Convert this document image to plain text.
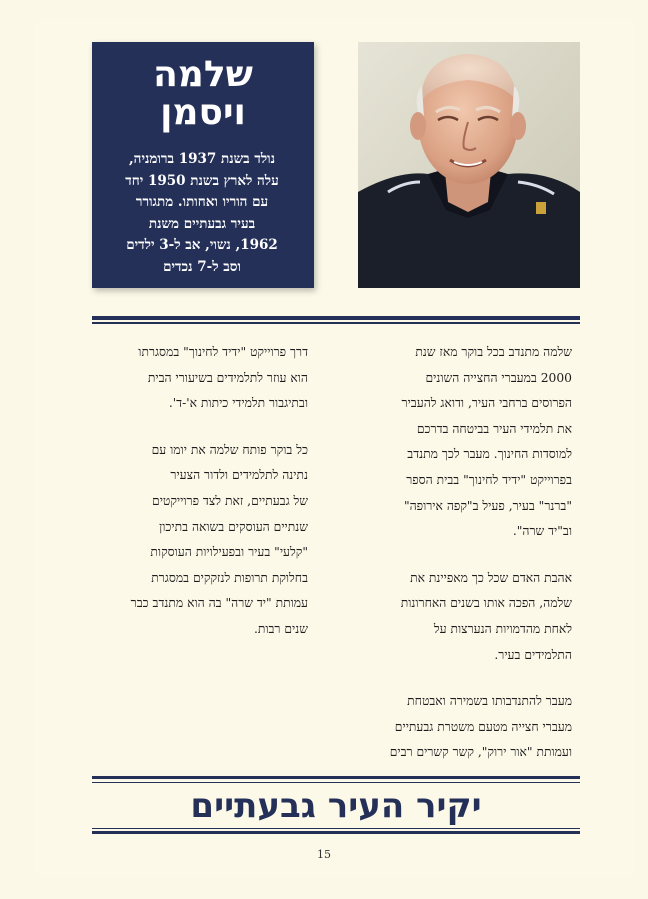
שלמה
ויסמן
נולד בשנת 1937 ברומניה,
עלה לארץ בשנת 1950 יחד
עם הוריו ואחותו. מתגורר
בעיר גבעתיים משנת
1962, נשוי, אב ל-3 ילדים
וסב ל-7 נכדים

שלמה מתנדב בכל בוקר מאז שנת
2000 במעברי החצייה השונים
הפרוסים ברחבי העיר, ודואג להעביר
את תלמידי העיר בביטחה בדרכם
למוסדות החינוך. מעבר לכך מתנדב
בפרוייקט "ידיד לחינוך" בבית הספר
"ברנר" בעיר, פעיל ב"קפה אירופה"
וב"יד שרה".

אהבת האדם שכל כך מאפיינת את
שלמה, הפכה אותו בשנים האחרונות
לאחת מהדמויות הנערצות על
התלמידים בעיר.

מעבר להתנדבותו בשמירה ואבטחת
מעברי חצייה מטעם משטרת גבעתיים
ועמותת "אור ירוק", קשר קשרים רבים

דרך פרוייקט "ידיד לחינוך" במסגרתו
הוא עוזר לתלמידים בשיעורי הבית
ובתיגבור תלמידי כיתות א'-ד'.

כל בוקר פותח שלמה את יומו עם
נתינה לתלמידים ולדור הצעיר
של גבעתיים, זאת לצד פרוייקטים
שנתיים העוסקים בשואה בתיכון
"קלעי" בעיר ובפעילויות העוסקות
בחלוקת תרופות לנזקקים במסגרת
עמותת "יד שרה" בה הוא מתנדב כבר
שנים רבות.

יקיר העיר גבעתיים
15
